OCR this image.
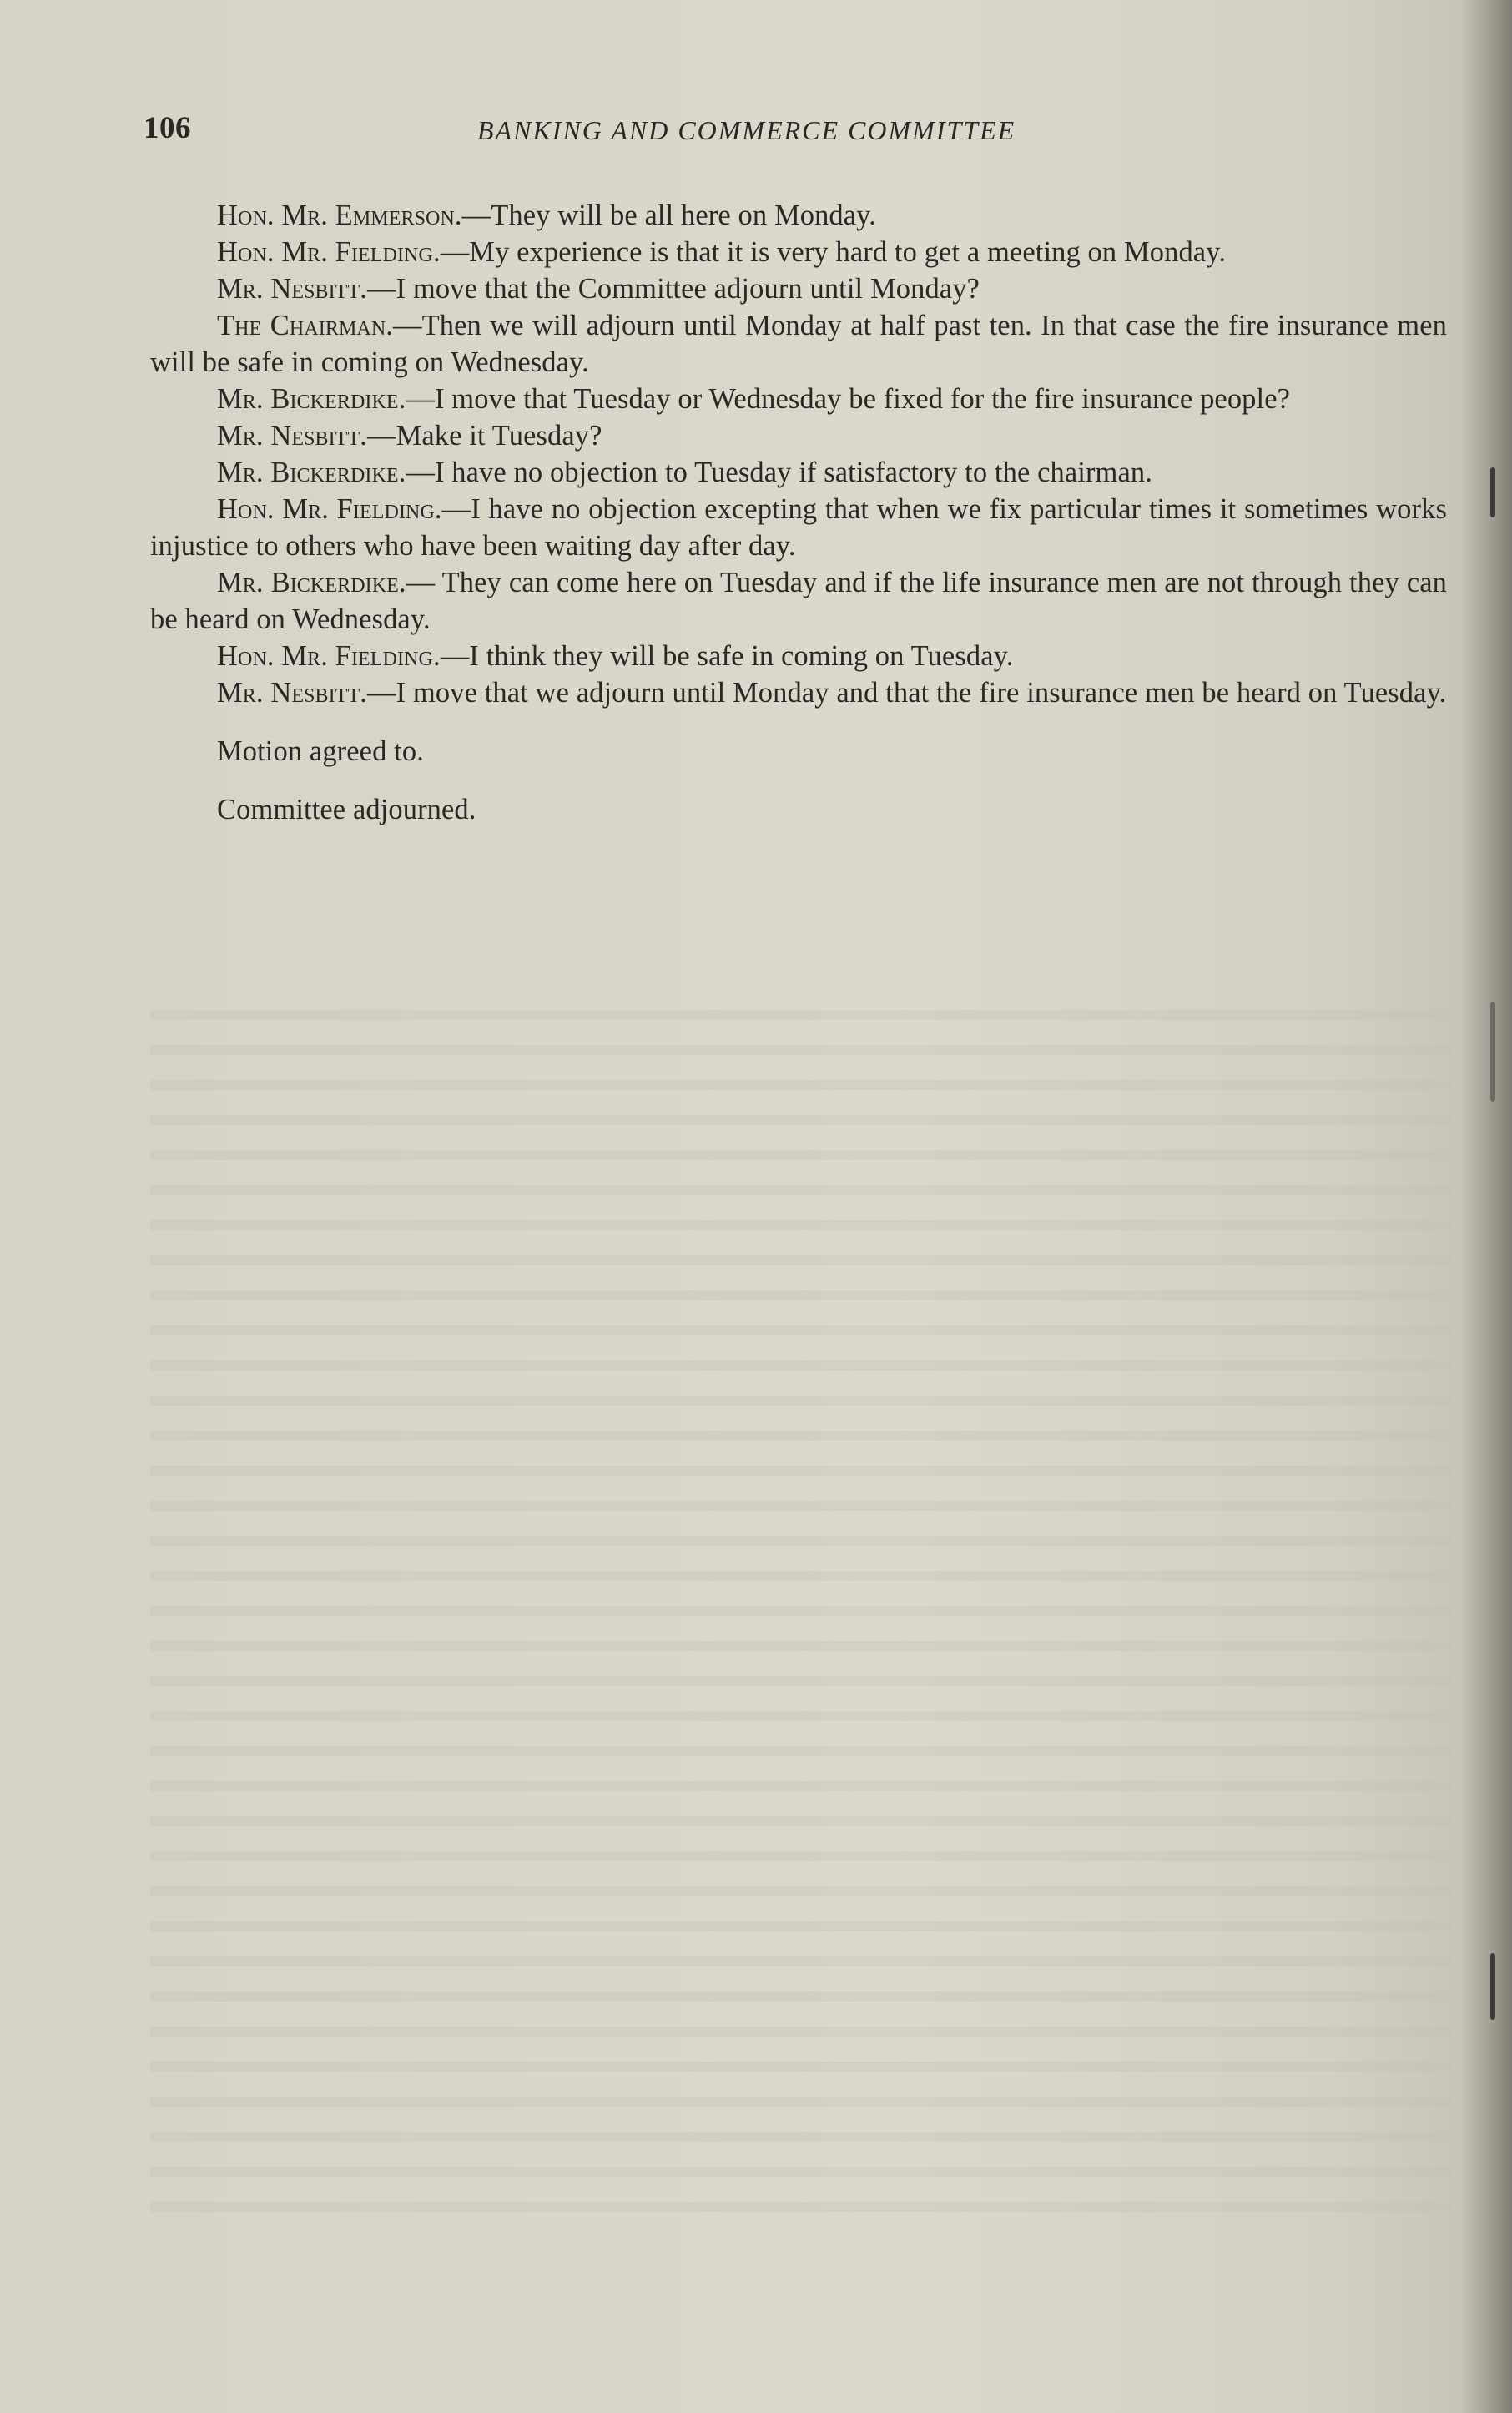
106	BANKING AND COMMERCE COMMITTEE

Hon. Mr. Emmerson.—They will be all here on Monday.

Hon. Mr. Fielding.—My experience is that it is very hard to get a meeting on Monday.

Mr. Nesbitt.—I move that the Committee adjourn until Monday?

The Chairman.—Then we will adjourn until Monday at half past ten. In that case the fire insurance men will be safe in coming on Wednesday.

Mr. Bickerdike.—I move that Tuesday or Wednesday be fixed for the fire insurance people?

Mr. Nesbitt.—Make it Tuesday?

Mr. Bickerdike.—I have no objection to Tuesday if satisfactory to the chairman.

Hon. Mr. Fielding.—I have no objection excepting that when we fix particular times it sometimes works injustice to others who have been waiting day after day.

Mr. Bickerdike.— They can come here on Tuesday and if the life insurance men are not through they can be heard on Wednesday.

Hon. Mr. Fielding.—I think they will be safe in coming on Tuesday.

Mr. Nesbitt.—I move that we adjourn until Monday and that the fire insurance men be heard on Tuesday.

Motion agreed to.

Committee adjourned.
